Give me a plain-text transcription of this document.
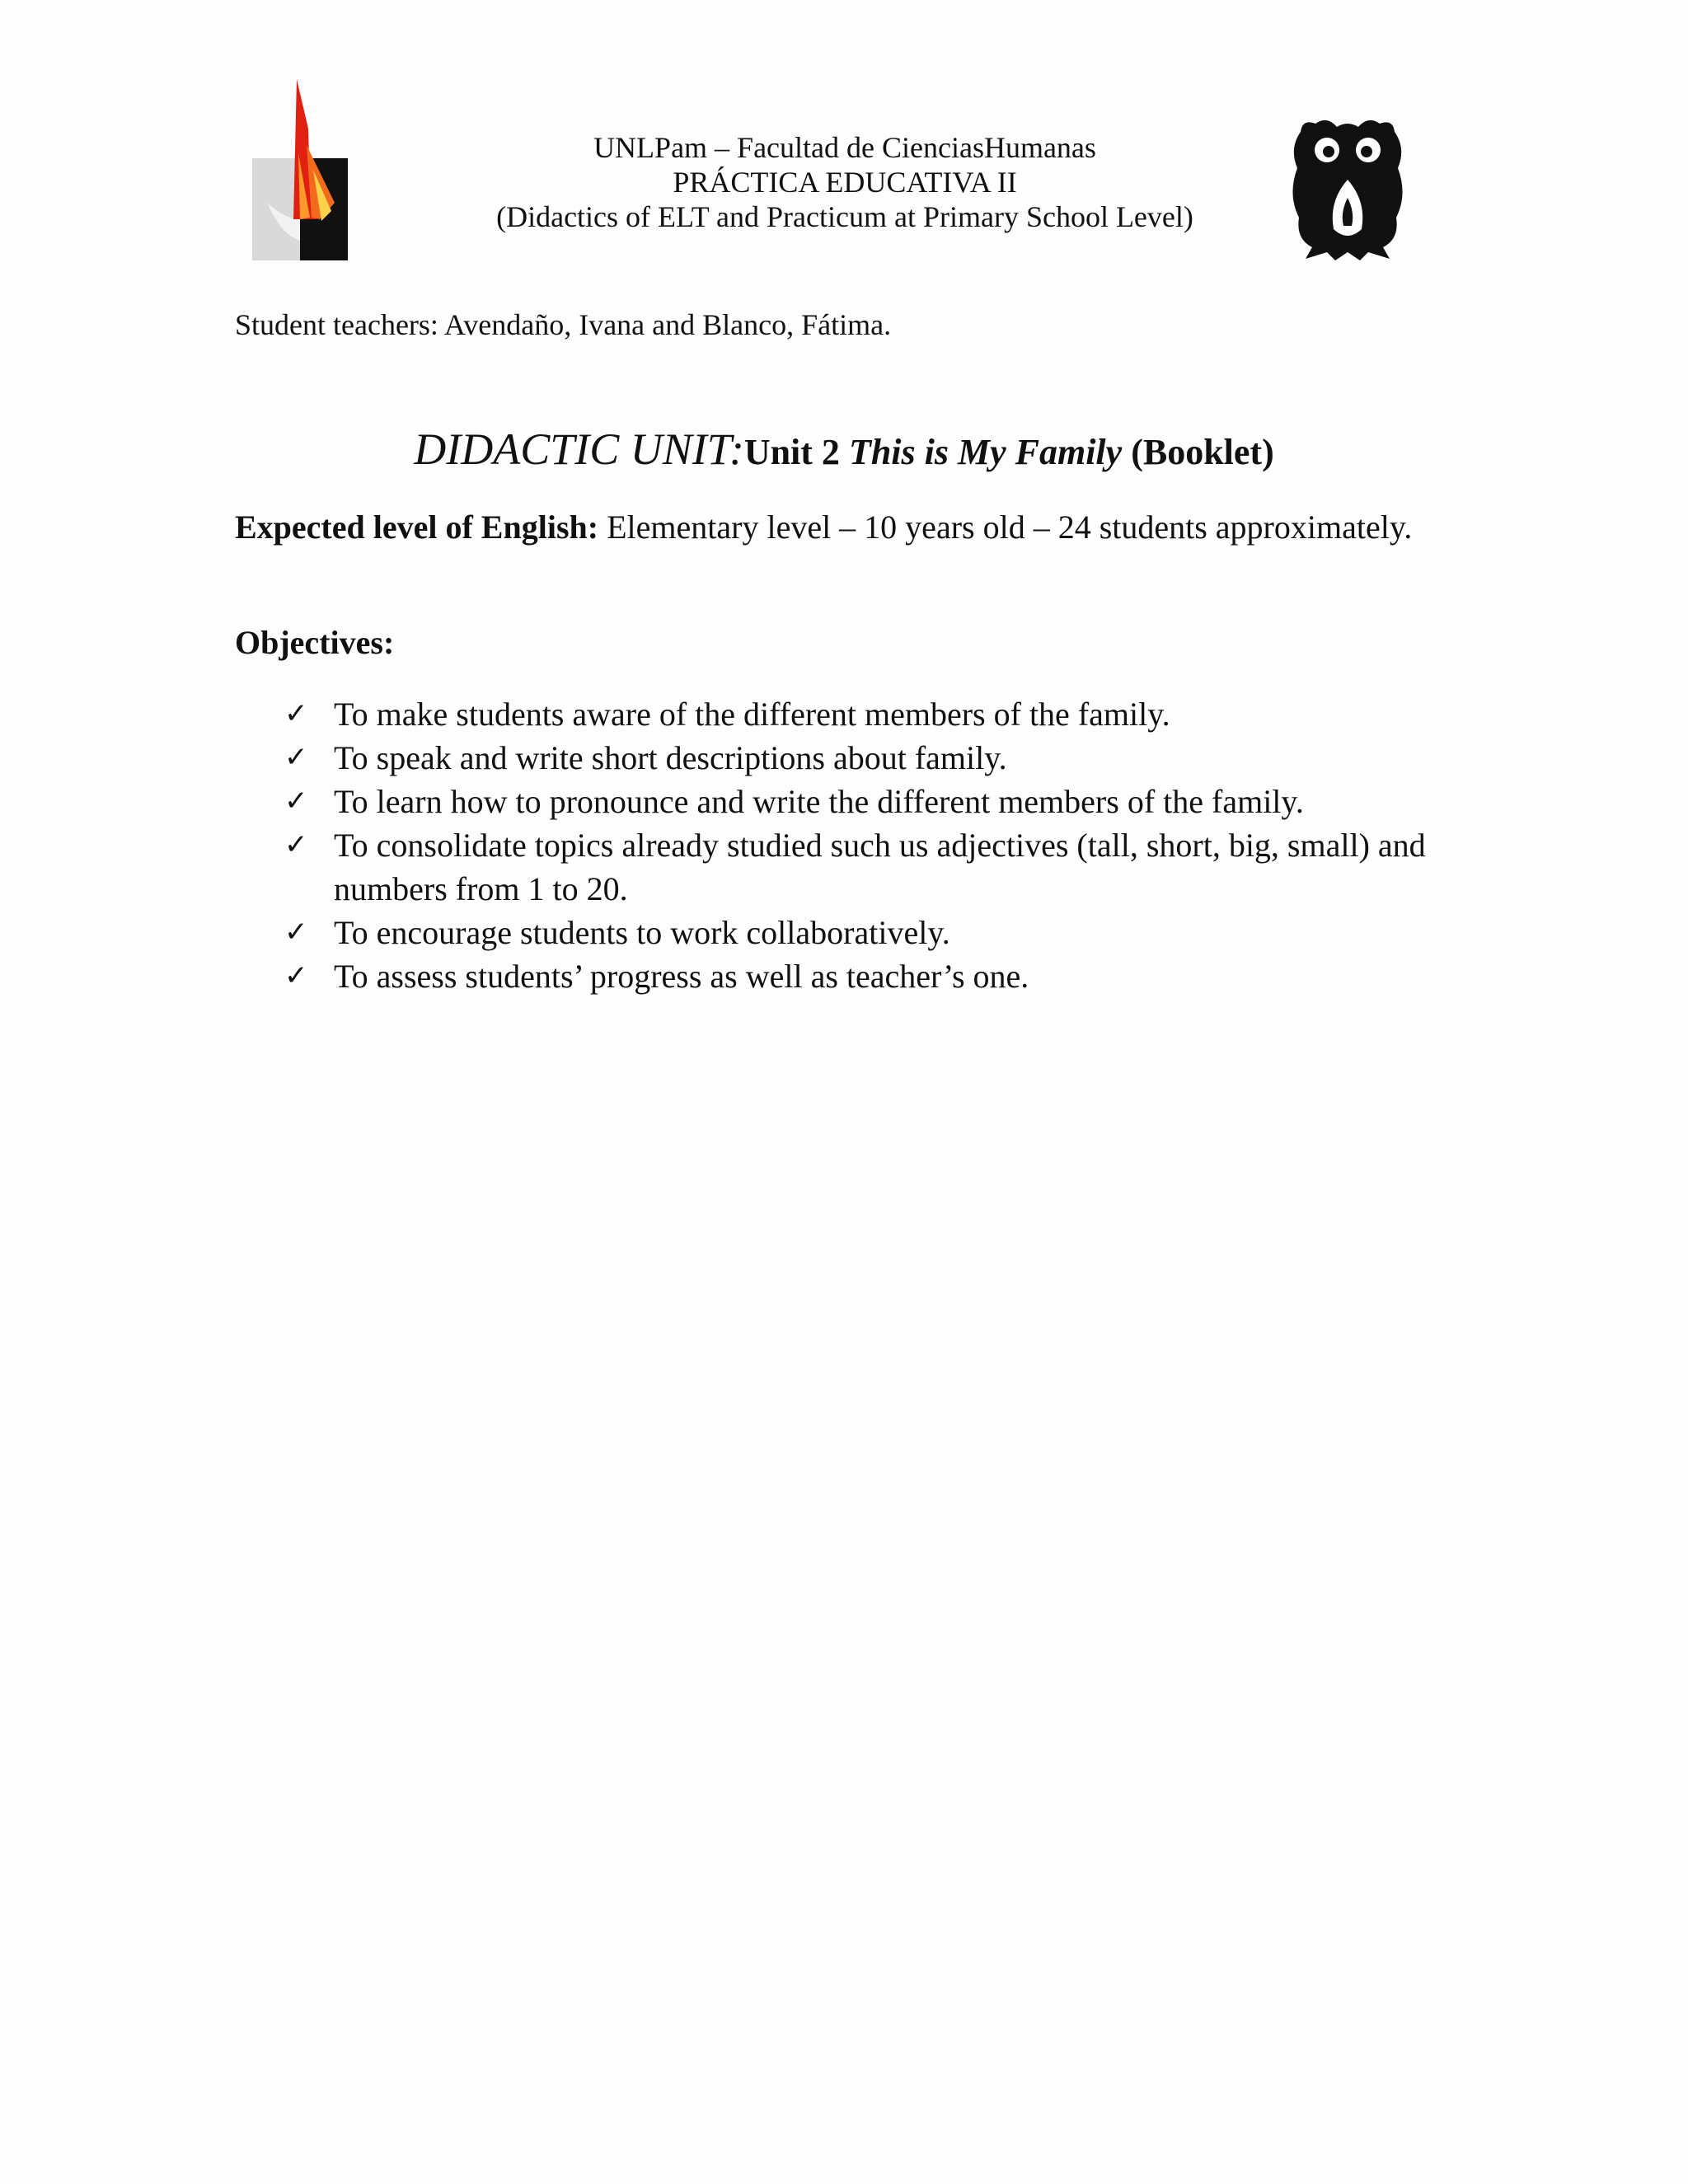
UNLPam – Facultad de CienciasHumanas
PRÁCTICA EDUCATIVA II
(Didactics of ELT and Practicum at Primary School Level)
Student teachers: Avendaño, Ivana and Blanco, Fátima.
DIDACTIC UNIT:Unit 2 This is My Family (Booklet)
Expected level of English: Elementary level – 10 years old – 24 students approximately.
Objectives:
✓ To make students aware of the different members of the family.
✓ To speak and write short descriptions about family.
✓ To learn how to pronounce and write the different members of the family.
✓ To consolidate topics already studied such us adjectives (tall, short, big, small) and numbers from 1 to 20.
✓ To encourage students to work collaboratively.
✓ To assess students’ progress as well as teacher’s one.
